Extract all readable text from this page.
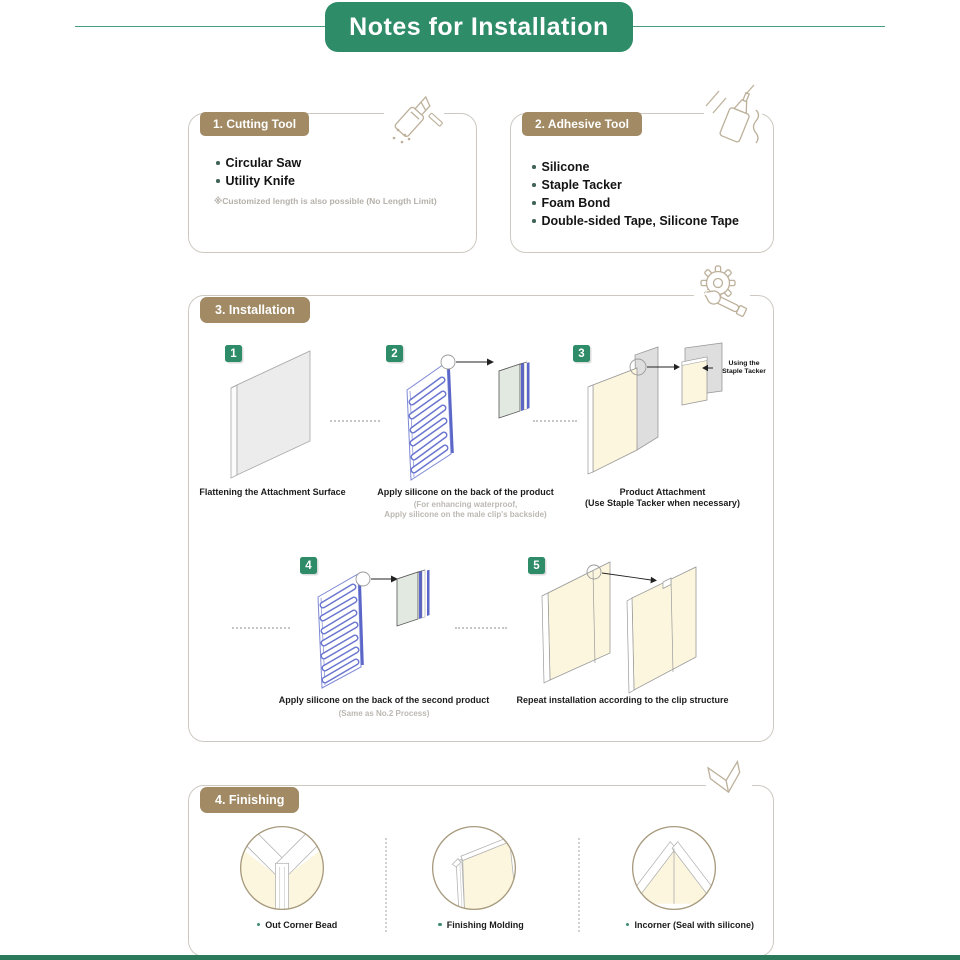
Notes for Installation
1. Cutting Tool
Circular Saw
Utility Knife
※Customized length is also possible (No Length Limit)
2. Adhesive Tool
Silicone
Staple Tacker
Foam Bond
Double-sided Tape, Silicone Tape
3. Installation
1	2	3
4	5
Using the
Staple Tacker
Flattening the Attachment Surface	Apply silicone on the back of the product
(For enhancing waterproof,
Apply silicone on the male clip's backside)
Product Attachment
(Use Staple Tacker when necessary)
Apply silicone on the back of the second product
(Same as No.2 Process)
Repeat installation according to the clip structure
4. Finishing
Out Corner Bead	Finishing Molding	Incorner (Seal with silicone)
